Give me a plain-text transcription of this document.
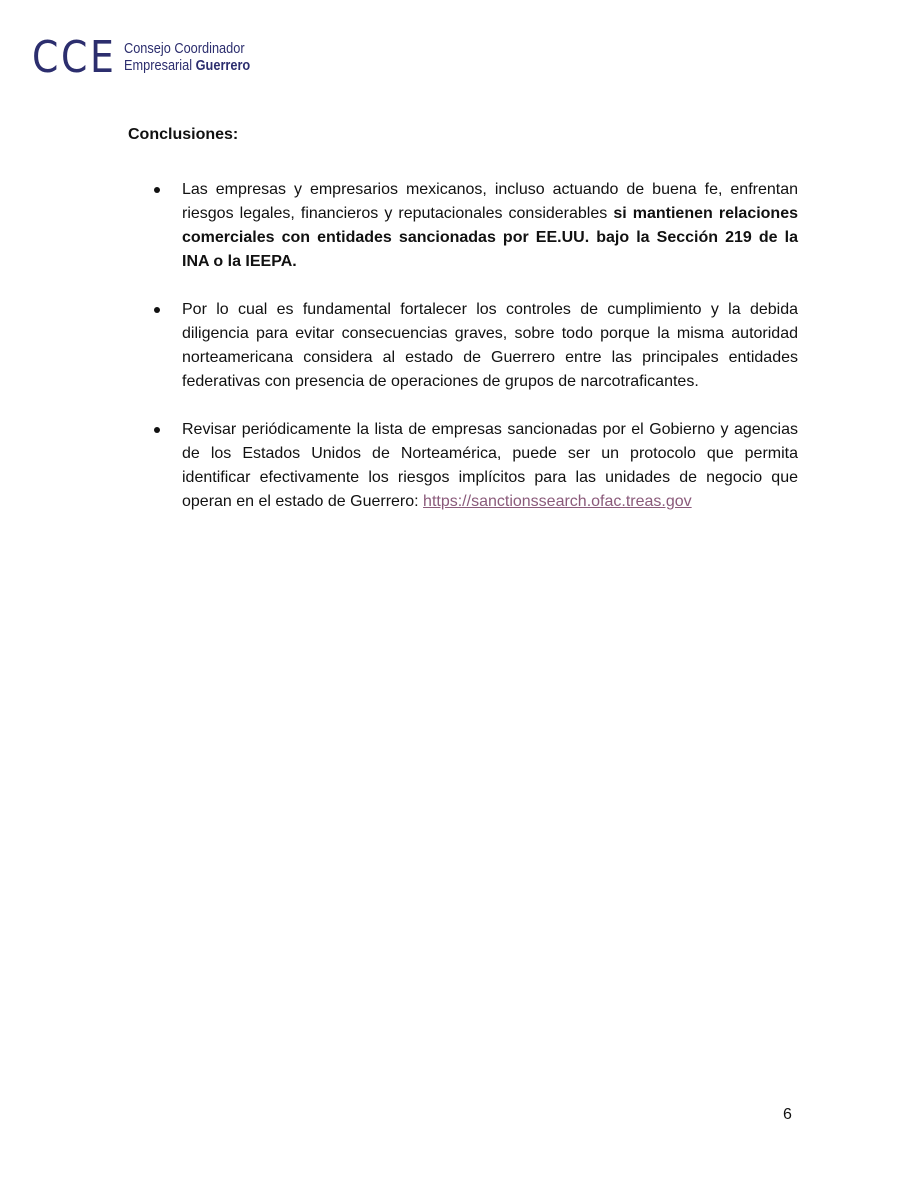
CCE Consejo Coordinador
Empresarial Guerrero
Conclusiones:
Las empresas y empresarios mexicanos, incluso actuando de buena fe, enfrentan riesgos legales, financieros y reputacionales considerables si mantienen relaciones comerciales con entidades sancionadas por EE.UU. bajo la Sección 219 de la INA o la IEEPA.
Por lo cual es fundamental fortalecer los controles de cumplimiento y la debida diligencia para evitar consecuencias graves, sobre todo porque la misma autoridad norteamericana considera al estado de Guerrero entre las principales entidades federativas con presencia de operaciones de grupos de narcotraficantes.
Revisar periódicamente la lista de empresas sancionadas por el Gobierno y agencias de los Estados Unidos de Norteamérica, puede ser un protocolo que permita identificar efectivamente los riesgos implícitos para las unidades de negocio que operan en el estado de Guerrero: https://sanctionssearch.ofac.treas.gov
6
